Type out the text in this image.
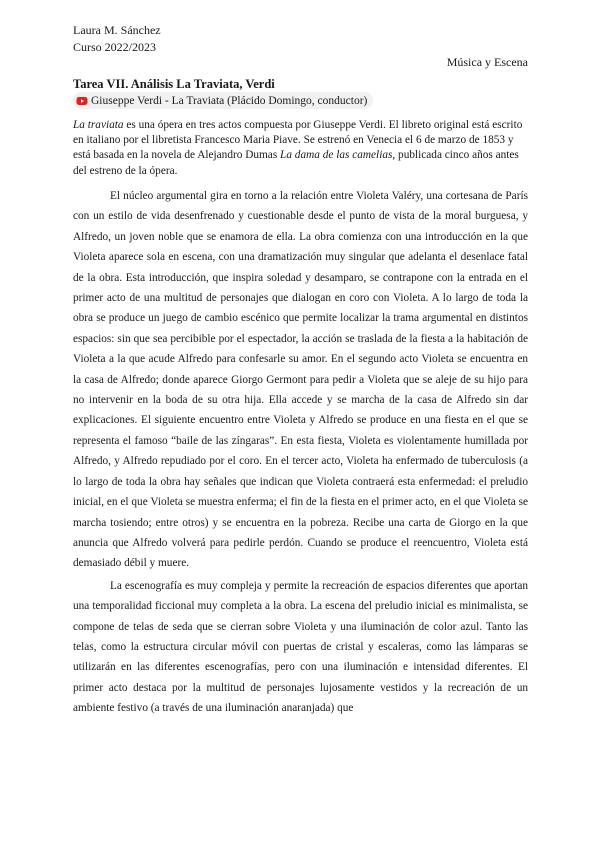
Laura M. Sánchez
Curso 2022/2023
Música y Escena
Tarea VII. Análisis La Traviata, Verdi
Giuseppe Verdi - La Traviata (Plácido Domingo, conductor)

La traviata es una ópera en tres actos compuesta por Giuseppe Verdi. El libreto original está escrito en italiano por el libretista Francesco Maria Piave. Se estrenó en Venecia el 6 de marzo de 1853 y está basada en la novela de Alejandro Dumas La dama de las camelias, publicada cinco años antes del estreno de la ópera.

El núcleo argumental gira en torno a la relación entre Violeta Valéry, una cortesana de París con un estilo de vida desenfrenado y cuestionable desde el punto de vista de la moral burguesa, y Alfredo, un joven noble que se enamora de ella. La obra comienza con una introducción en la que Violeta aparece sola en escena, con una dramatización muy singular que adelanta el desenlace fatal de la obra. Esta introducción, que inspira soledad y desamparo, se contrapone con la entrada en el primer acto de una multitud de personajes que dialogan en coro con Violeta. A lo largo de toda la obra se produce un juego de cambio escénico que permite localizar la trama argumental en distintos espacios: sin que sea percibible por el espectador, la acción se traslada de la fiesta a la habitación de Violeta a la que acude Alfredo para confesarle su amor. En el segundo acto Violeta se encuentra en la casa de Alfredo; donde aparece Giorgo Germont para pedir a Violeta que se aleje de su hijo para no intervenir en la boda de su otra hija. Ella accede y se marcha de la casa de Alfredo sin dar explicaciones. El siguiente encuentro entre Violeta y Alfredo se produce en una fiesta en el que se representa el famoso “baile de las zíngaras”. En esta fiesta, Violeta es violentamente humillada por Alfredo, y Alfredo repudiado por el coro. En el tercer acto, Violeta ha enfermado de tuberculosis (a lo largo de toda la obra hay señales que indican que Violeta contraerá esta enfermedad: el preludio inicial, en el que Violeta se muestra enferma; el fin de la fiesta en el primer acto, en el que Violeta se marcha tosiendo; entre otros) y se encuentra en la pobreza. Recibe una carta de Giorgo en la que anuncia que Alfredo volverá para pedirle perdón. Cuando se produce el reencuentro, Violeta está demasiado débil y muere.

La escenografía es muy compleja y permite la recreación de espacios diferentes que aportan una temporalidad ficcional muy completa a la obra. La escena del preludio inicial es minimalista, se compone de telas de seda que se cierran sobre Violeta y una iluminación de color azul. Tanto las telas, como la estructura circular móvil con puertas de cristal y escaleras, como las lámparas se utilizarán en las diferentes escenografías, pero con una iluminación e intensidad diferentes. El primer acto destaca por la multitud de personajes lujosamente vestidos y la recreación de un ambiente festivo (a través de una iluminación anaranjada) que
